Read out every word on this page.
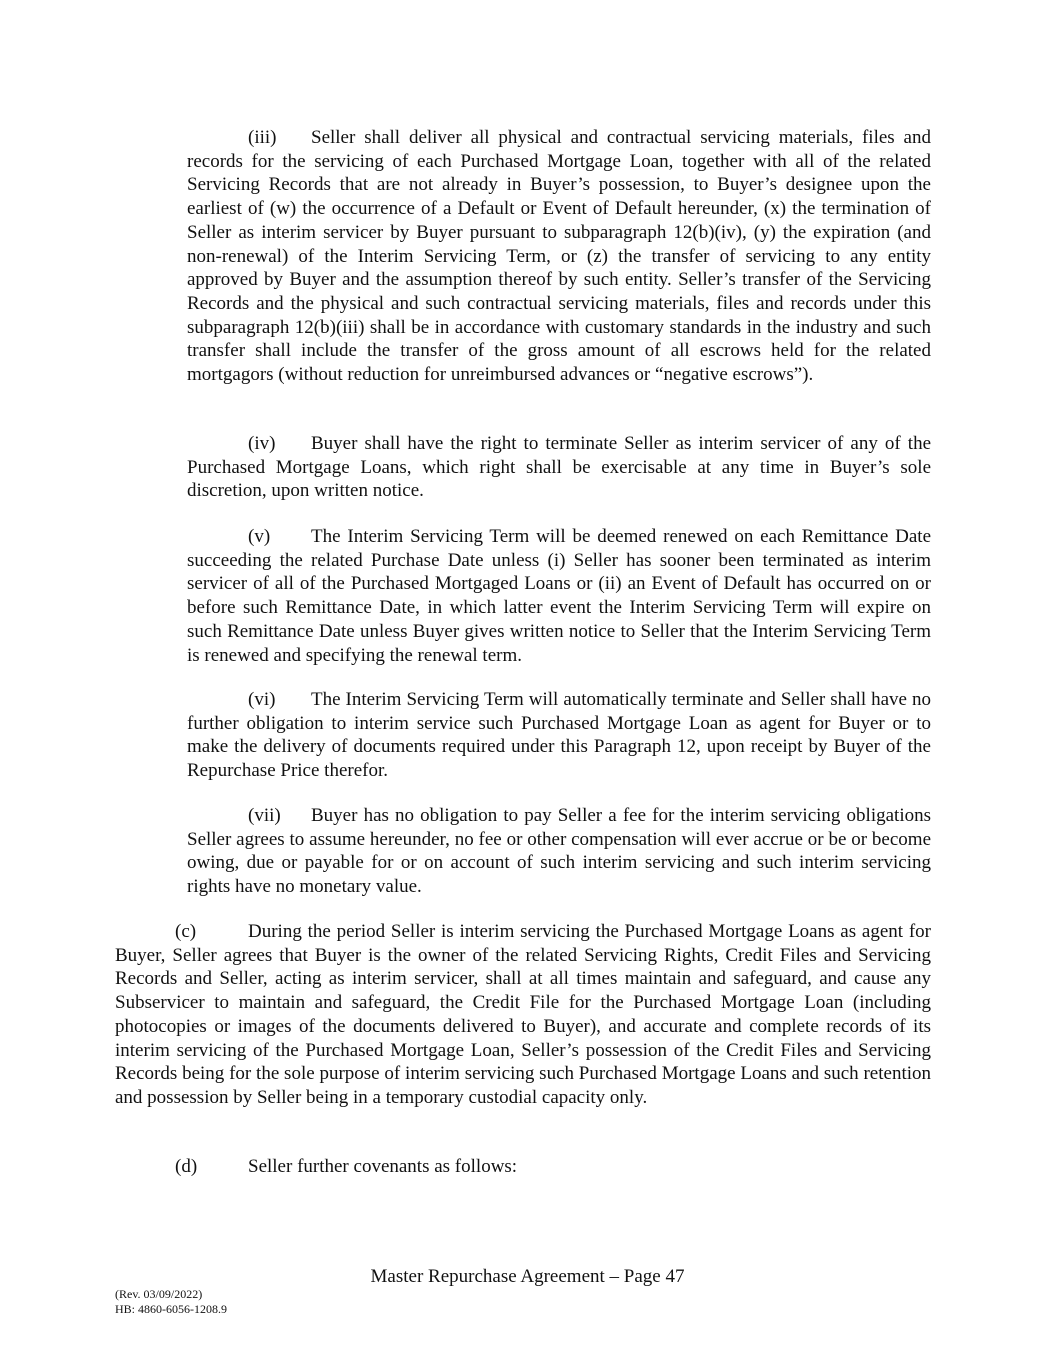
(iii) Seller shall deliver all physical and contractual servicing materials, files and records for the servicing of each Purchased Mortgage Loan, together with all of the related Servicing Records that are not already in Buyer’s possession, to Buyer’s designee upon the earliest of (w) the occurrence of a Default or Event of Default hereunder, (x) the termination of Seller as interim servicer by Buyer pursuant to subparagraph 12(b)(iv), (y) the expiration (and non-renewal) of the Interim Servicing Term, or (z) the transfer of servicing to any entity approved by Buyer and the assumption thereof by such entity. Seller’s transfer of the Servicing Records and the physical and such contractual servicing materials, files and records under this subparagraph 12(b)(iii) shall be in accordance with customary standards in the industry and such transfer shall include the transfer of the gross amount of all escrows held for the related mortgagors (without reduction for unreimbursed advances or “negative escrows”).

(iv) Buyer shall have the right to terminate Seller as interim servicer of any of the Purchased Mortgage Loans, which right shall be exercisable at any time in Buyer’s sole discretion, upon written notice.

(v) The Interim Servicing Term will be deemed renewed on each Remittance Date succeeding the related Purchase Date unless (i) Seller has sooner been terminated as interim servicer of all of the Purchased Mortgaged Loans or (ii) an Event of Default has occurred on or before such Remittance Date, in which latter event the Interim Servicing Term will expire on such Remittance Date unless Buyer gives written notice to Seller that the Interim Servicing Term is renewed and specifying the renewal term.

(vi) The Interim Servicing Term will automatically terminate and Seller shall have no further obligation to interim service such Purchased Mortgage Loan as agent for Buyer or to make the delivery of documents required under this Paragraph 12, upon receipt by Buyer of the Repurchase Price therefor.

(vii) Buyer has no obligation to pay Seller a fee for the interim servicing obligations Seller agrees to assume hereunder, no fee or other compensation will ever accrue or be or become owing, due or payable for or on account of such interim servicing and such interim servicing rights have no monetary value.

(c)	During the period Seller is interim servicing the Purchased Mortgage Loans as agent for Buyer, Seller agrees that Buyer is the owner of the related Servicing Rights, Credit Files and Servicing Records and Seller, acting as interim servicer, shall at all times maintain and safeguard, and cause any Subservicer to maintain and safeguard, the Credit File for the Purchased Mortgage Loan (including photocopies or images of the documents delivered to Buyer), and accurate and complete records of its interim servicing of the Purchased Mortgage Loan, Seller’s possession of the Credit Files and Servicing Records being for the sole purpose of interim servicing such Purchased Mortgage Loans and such retention and possession by Seller being in a temporary custodial capacity only.

(d)	Seller further covenants as follows:

Master Repurchase Agreement – Page 47
(Rev. 03/09/2022)
HB: 4860-6056-1208.9
